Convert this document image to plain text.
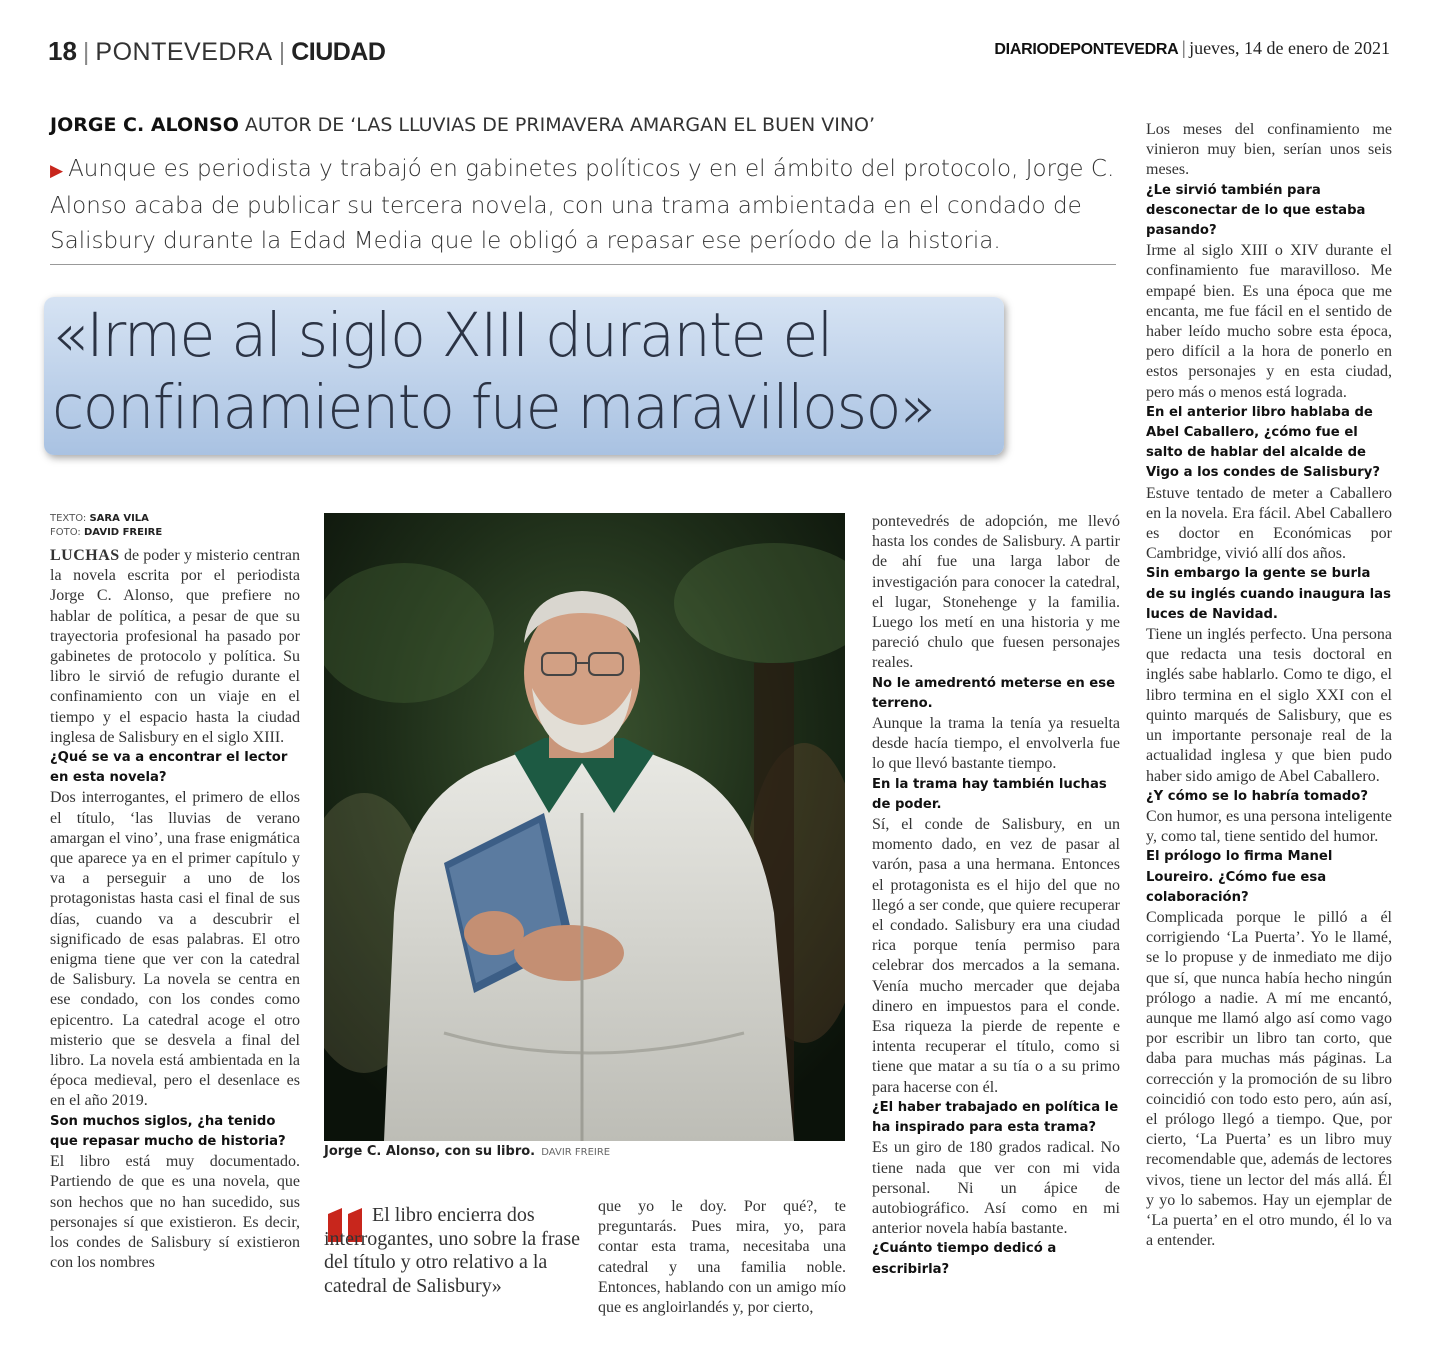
18 | PONTEVEDRA | CIUDAD	DIARIODEPONTEVEDRA | jueves, 14 de enero de 2021
JORGE C. ALONSO AUTOR DE ‘LAS LLUVIAS DE PRIMAVERA AMARGAN EL BUEN VINO’
▶ Aunque es periodista y trabajó en gabinetes políticos y en el ámbito del protocolo, Jorge C. Alonso acaba de publicar su tercera novela, con una trama ambientada en el condado de Salisbury durante la Edad Media que le obligó a repasar ese período de la historia.
«Irme al siglo XIII durante el
confinamiento fue maravilloso»
TEXTO: SARA VILA
FOTO: DAVID FREIRE

LUCHAS de poder y misterio centran la novela escrita por el periodista Jorge C. Alonso, que prefiere no hablar de política, a pesar de que su trayectoria profesional ha pasado por gabinetes de protocolo y política. Su libro le sirvió de refugio durante el confinamiento con un viaje en el tiempo y el espacio hasta la ciudad inglesa de Salisbury en el siglo XIII.

¿Qué se va a encontrar el lector en esta novela?

Dos interrogantes, el primero de ellos el título, ‘las lluvias de verano amargan el vino’, una frase enigmática que aparece ya en el primer capítulo y va a perseguir a uno de los protagonistas hasta casi el final de sus días, cuando va a descubrir el significado de esas palabras. El otro enigma tiene que ver con la catedral de Salisbury. La novela se centra en ese condado, con los condes como epicentro. La catedral acoge el otro misterio que se desvela a final del libro. La novela está ambientada en la época medieval, pero el desenlace es en el año 2019.

Son muchos siglos, ¿ha tenido que repasar mucho de historia?

El libro está muy documentado. Partiendo de que es una novela, que son hechos que no han sucedido, sus personajes sí que existieron. Es decir, los condes de Salisbury sí existieron con los nombres

Jorge C. Alonso, con su libro. DAVIR FREIRE

El libro encierra dos interrogantes, uno sobre la frase del título y otro relativo a la catedral de Salisbury»

que yo le doy. Por qué?, te preguntarás. Pues mira, yo, para contar esta trama, necesitaba una catedral y una familia noble. Entonces, hablando con un amigo mío que es angloirlandés y, por cierto,

pontevedrés de adopción, me llevó hasta los condes de Salisbury. A partir de ahí fue una larga labor de investigación para conocer la catedral, el lugar, Stonehenge y la familia. Luego los metí en una historia y me pareció chulo que fuesen personajes reales.

No le amedrentó meterse en ese terreno.

Aunque la trama la tenía ya resuelta desde hacía tiempo, el envolverla fue lo que llevó bastante tiempo.

En la trama hay también luchas de poder.

Sí, el conde de Salisbury, en un momento dado, en vez de pasar al varón, pasa a una hermana. Entonces el protagonista es el hijo del que no llegó a ser conde, que quiere recuperar el condado. Salisbury era una ciudad rica porque tenía permiso para celebrar dos mercados a la semana. Venía mucho mercader que dejaba dinero en impuestos para el conde. Esa riqueza la pierde de repente e intenta recuperar el título, como si tiene que matar a su tía o a su primo para hacerse con él.

¿El haber trabajado en política le ha inspirado para esta trama?

Es un giro de 180 grados radical. No tiene nada que ver con mi vida personal. Ni un ápice de autobiográfico. Así como en mi anterior novela había bastante.

¿Cuánto tiempo dedicó a escribirla?

Los meses del confinamiento me vinieron muy bien, serían unos seis meses.

¿Le sirvió también para desconectar de lo que estaba pasando?

Irme al siglo XIII o XIV durante el confinamiento fue maravilloso. Me empapé bien. Es una época que me encanta, me fue fácil en el sentido de haber leído mucho sobre esta época, pero difícil a la hora de ponerlo en estos personajes y en esta ciudad, pero más o menos está lograda.

En el anterior libro hablaba de Abel Caballero, ¿cómo fue el salto de hablar del alcalde de Vigo a los condes de Salisbury?

Estuve tentado de meter a Caballero en la novela. Era fácil. Abel Caballero es doctor en Económicas por Cambridge, vivió allí dos años.

Sin embargo la gente se burla de su inglés cuando inaugura las luces de Navidad.

Tiene un inglés perfecto. Una persona que redacta una tesis doctoral en inglés sabe hablarlo. Como te digo, el libro termina en el siglo XXI con el quinto marqués de Salisbury, que es un importante personaje real de la actualidad inglesa y que bien pudo haber sido amigo de Abel Caballero.

¿Y cómo se lo habría tomado?

Con humor, es una persona inteligente y, como tal, tiene sentido del humor.

El prólogo lo firma Manel Loureiro. ¿Cómo fue esa colaboración?

Complicada porque le pilló a él corrigiendo ‘La Puerta’. Yo le llamé, se lo propuse y de inmediato me dijo que sí, que nunca había hecho ningún prólogo a nadie. A mí me encantó, aunque me llamó algo así como vago por escribir un libro tan corto, que daba para muchas más páginas. La corrección y la promoción de su libro coincidió con todo esto pero, aún así, el prólogo llegó a tiempo. Que, por cierto, ‘La Puerta’ es un libro muy recomendable que, además de lectores vivos, tiene un lector del más allá. Él y yo lo sabemos. Hay un ejemplar de ‘La puerta’ en el otro mundo, él lo va a entender.
